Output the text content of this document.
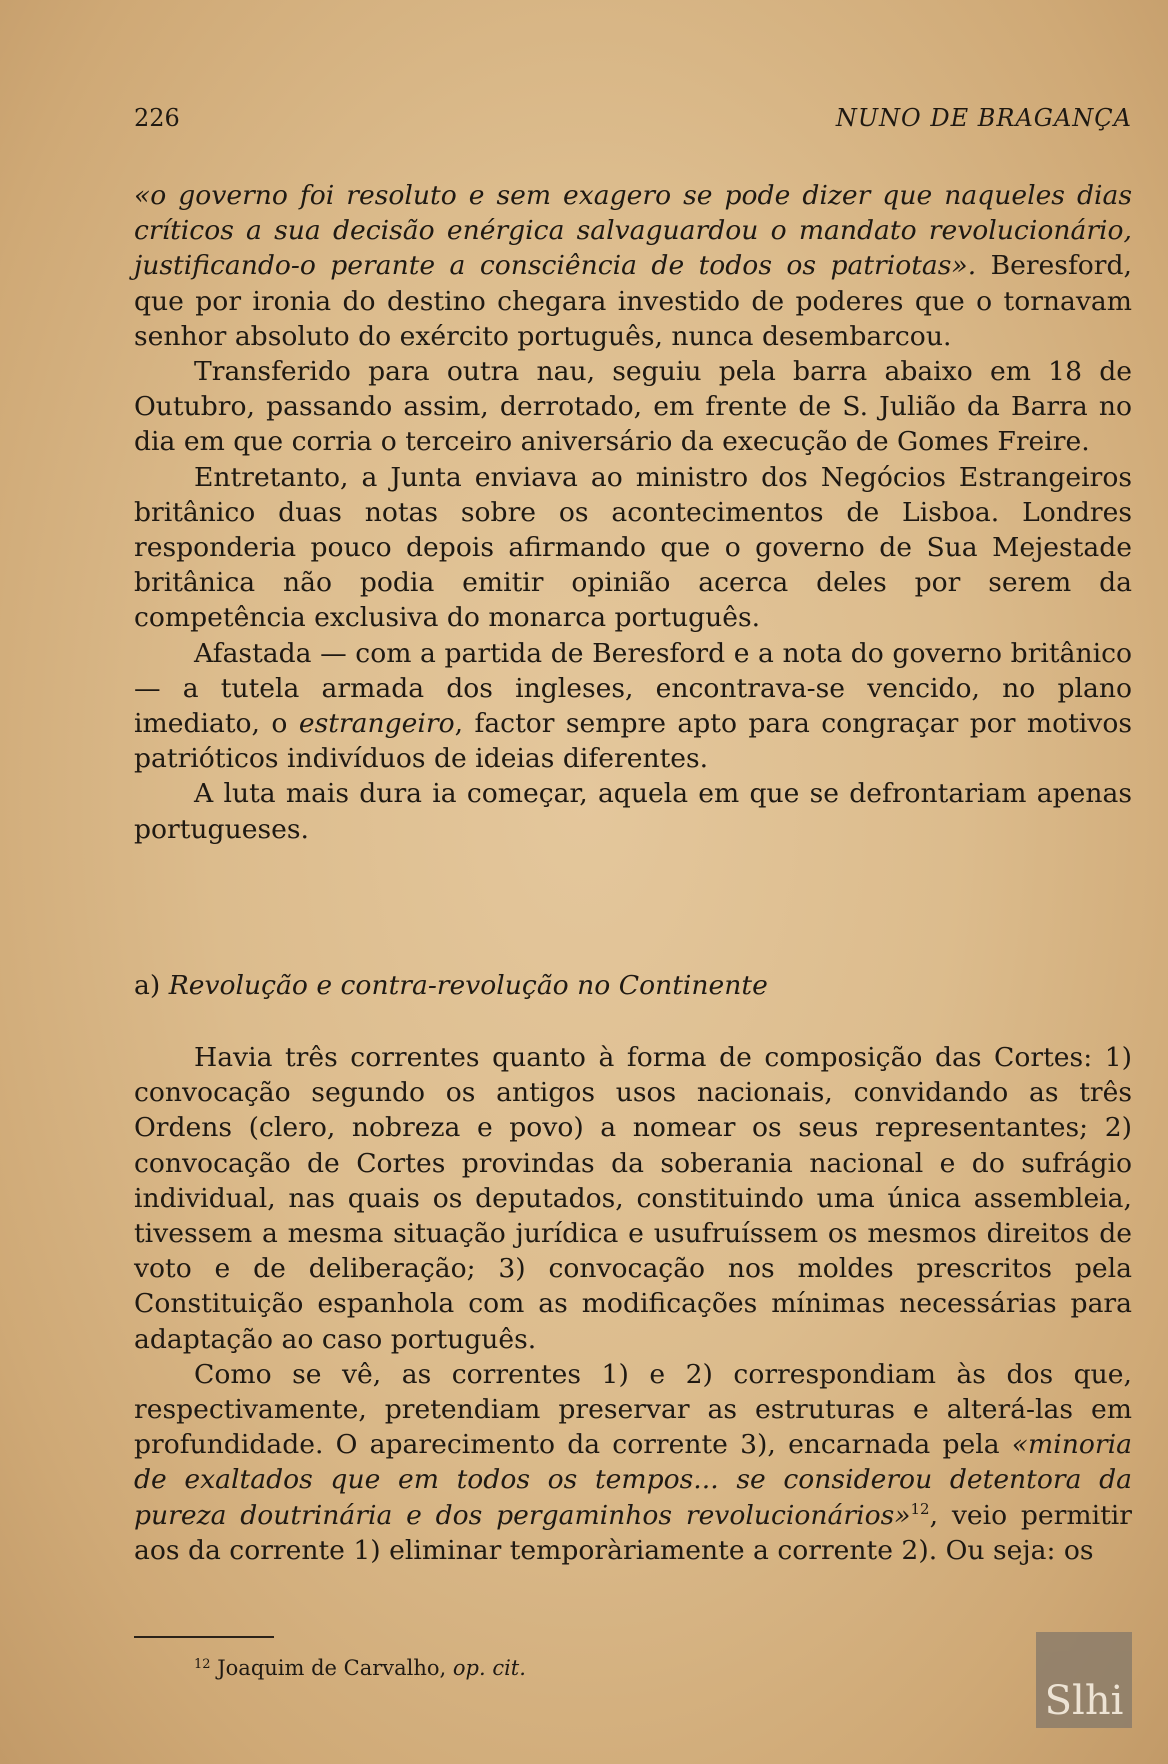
226	NUNO DE BRAGANÇA

«o governo foi resoluto e sem exagero se pode dizer que naqueles dias críticos a sua decisão enérgica salvaguardou o mandato revolucionário, justificando-o perante a consciência de todos os patriotas». Beresford, que por ironia do destino chegara investido de poderes que o tornavam senhor absoluto do exército português, nunca desembarcou.

Transferido para outra nau, seguiu pela barra abaixo em 18 de Outubro, passando assim, derrotado, em frente de S. Julião da Barra no dia em que corria o terceiro aniversário da execução de Gomes Freire.

Entretanto, a Junta enviava ao ministro dos Negócios Estrangeiros britânico duas notas sobre os acontecimentos de Lisboa. Londres responderia pouco depois afirmando que o governo de Sua Mejestade britânica não podia emitir opinião acerca deles por serem da competência exclusiva do monarca português.

Afastada — com a partida de Beresford e a nota do governo britânico — a tutela armada dos ingleses, encontrava-se vencido, no plano imediato, o estrangeiro, factor sempre apto para congraçar por motivos patrióticos indivíduos de ideias diferentes.

A luta mais dura ia começar, aquela em que se defrontariam apenas portugueses.

a) Revolução e contra-revolução no Continente

Havia três correntes quanto à forma de composição das Cortes: 1) convocação segundo os antigos usos nacionais, convidando as três Ordens (clero, nobreza e povo) a nomear os seus representantes; 2) convocação de Cortes provindas da soberania nacional e do sufrágio individual, nas quais os deputados, constituindo uma única assembleia, tivessem a mesma situação jurídica e usufruíssem os mesmos direitos de voto e de deliberação; 3) convocação nos moldes prescritos pela Constituição espanhola com as modificações mínimas necessárias para adaptação ao caso português.

Como se vê, as correntes 1) e 2) correspondiam às dos que, respectivamente, pretendiam preservar as estruturas e alterá-las em profundidade. O aparecimento da corrente 3), encarnada pela «minoria de exaltados que em todos os tempos... se considerou detentora da pureza doutrinária e dos pergaminhos revolucionários»$^{12}$, veio permitir aos da corrente 1) eliminar temporàriamente a corrente 2). Ou seja: os

$^{12}$ Joaquim de Carvalho, op. cit.
Slhi
